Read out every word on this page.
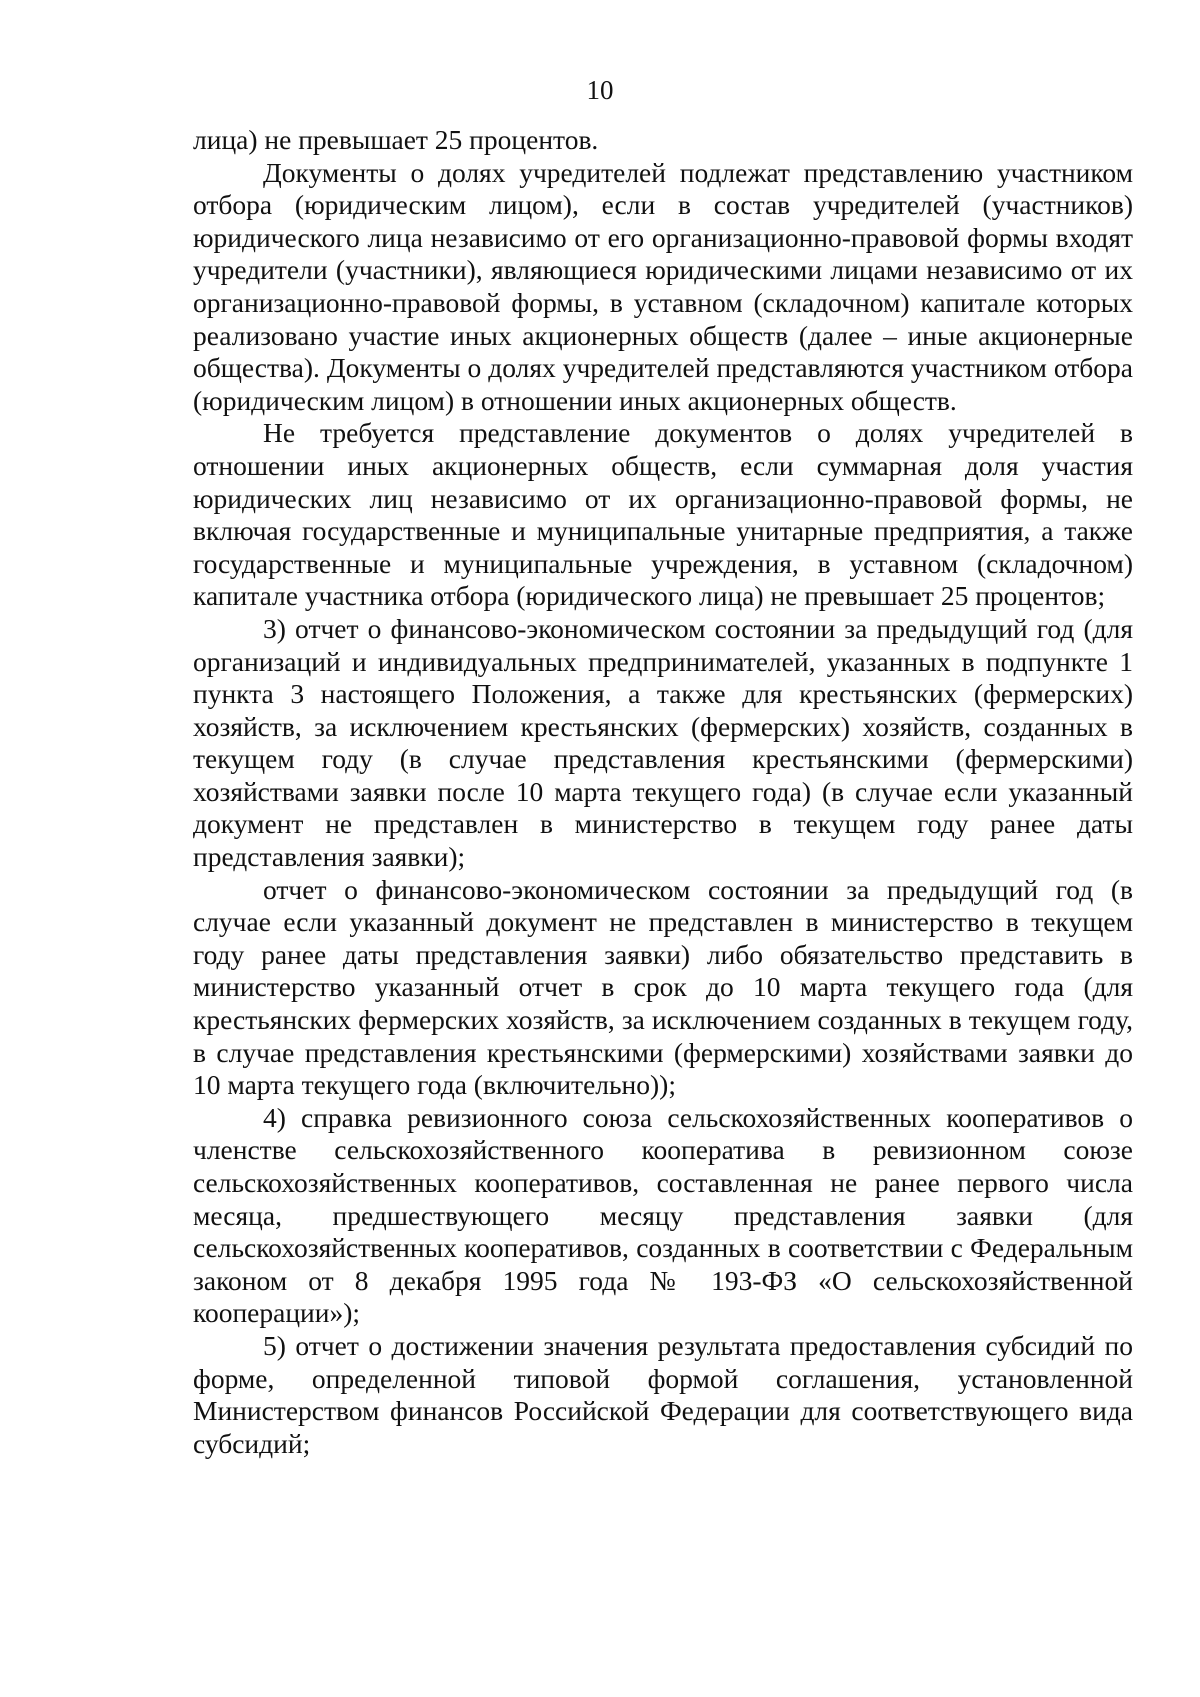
10

лица) не превышает 25 процентов.

Документы о долях учредителей подлежат представлению участником отбора (юридическим лицом), если в состав учредителей (участников) юридического лица независимо от его организационно-правовой формы входят учредители (участники), являющиеся юридическими лицами независимо от их организационно-правовой формы, в уставном (складочном) капитале которых реализовано участие иных акционерных обществ (далее – иные акционерные общества). Документы о долях учредителей представляются участником отбора (юридическим лицом) в отношении иных акционерных обществ.

Не требуется представление документов о долях учредителей в отношении иных акционерных обществ, если суммарная доля участия юридических лиц независимо от их организационно-правовой формы, не включая государственные и муниципальные унитарные предприятия, а также государственные и муниципальные учреждения, в уставном (складочном) капитале участника отбора (юридического лица) не превышает 25 процентов;

3) отчет о финансово-экономическом состоянии за предыдущий год (для организаций и индивидуальных предпринимателей, указанных в подпункте 1 пункта 3 настоящего Положения, а также для крестьянских (фермерских) хозяйств, за исключением крестьянских (фермерских) хозяйств, созданных в текущем году (в случае представления крестьянскими (фермерскими) хозяйствами заявки после 10 марта текущего года) (в случае если указанный документ не представлен в министерство в текущем году ранее даты представления заявки);

отчет о финансово-экономическом состоянии за предыдущий год (в случае если указанный документ не представлен в министерство в текущем году ранее даты представления заявки) либо обязательство представить в министерство указанный отчет в срок до 10 марта текущего года (для крестьянских фермерских хозяйств, за исключением созданных в текущем году, в случае представления крестьянскими (фермерскими) хозяйствами заявки до 10 марта текущего года (включительно));

4) справка ревизионного союза сельскохозяйственных кооперативов о членстве сельскохозяйственного кооператива в ревизионном союзе сельскохозяйственных кооперативов, составленная не ранее первого числа месяца, предшествующего месяцу представления заявки (для сельскохозяйственных кооперативов, созданных в соответствии с Федеральным законом от 8 декабря 1995 года № 193-ФЗ «О сельскохозяйственной кооперации»);

5) отчет о достижении значения результата предоставления субсидий по форме, определенной типовой формой соглашения, установленной Министерством финансов Российской Федерации для соответствующего вида субсидий;
